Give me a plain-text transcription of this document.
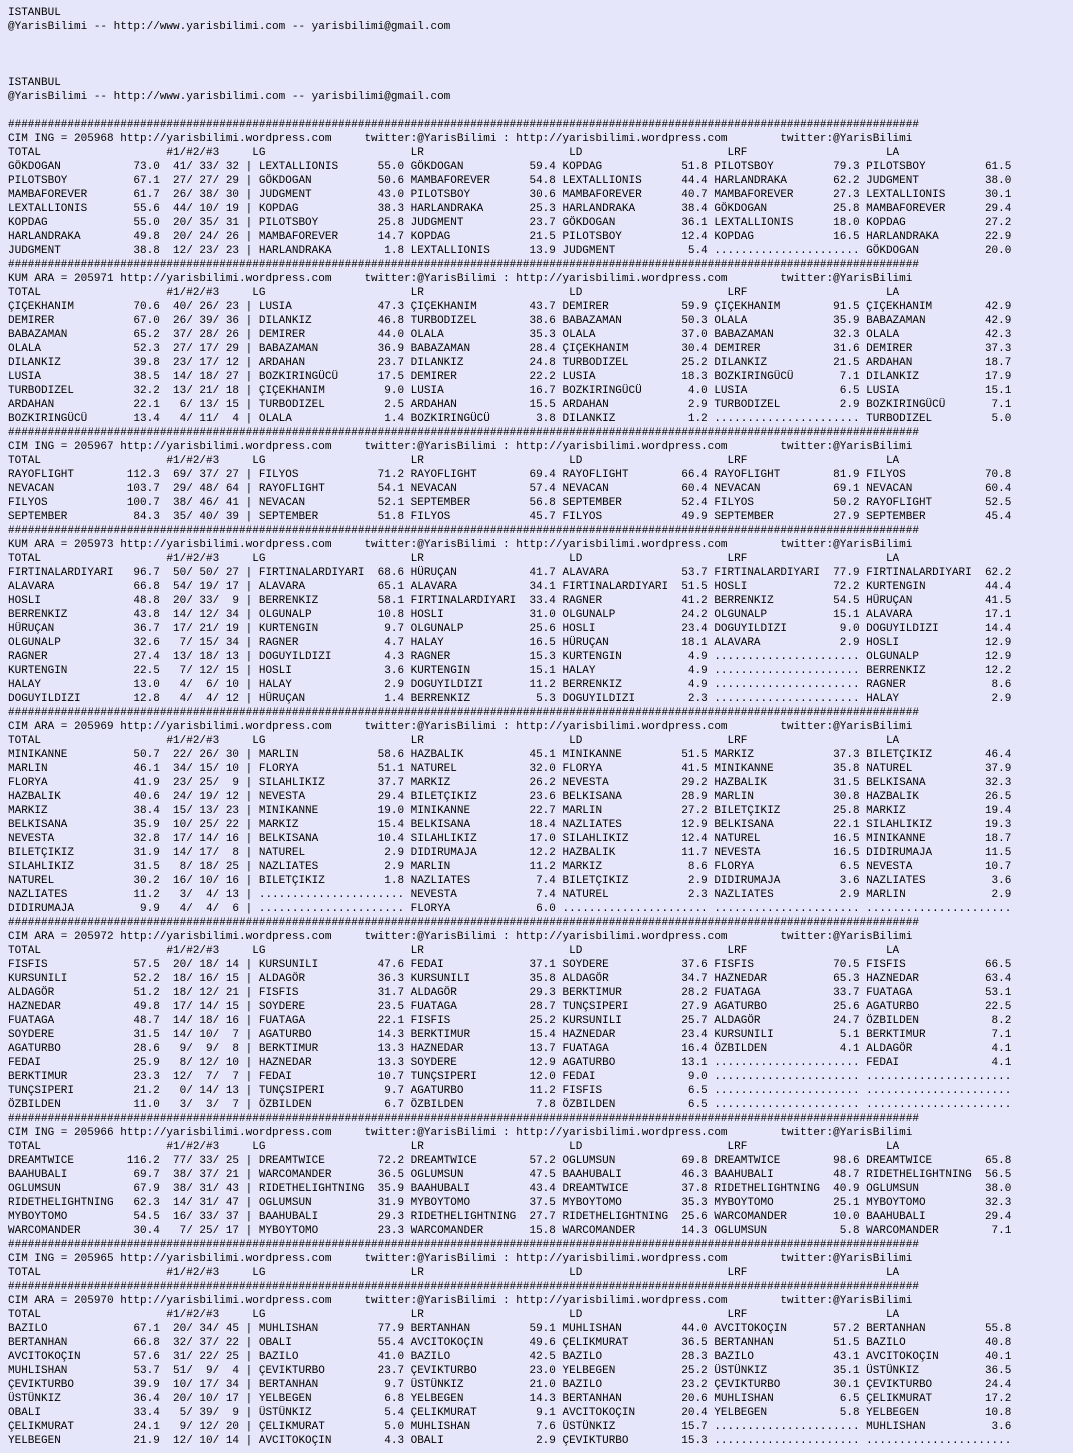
ISTANBUL
@YarisBilimi -- http://www.yarisbilimi.com -- yarisbilimi@gmail.com
ISTANBUL
@YarisBilimi -- http://www.yarisbilimi.com -- yarisbilimi@gmail.com
##########################################################################################################################################
CIM ING = 205968 http://yarisbilimi.wordpress.com     twitter:@YarisBilimi : http://yarisbilimi.wordpress.com        twitter:@YarisBilimi
TOTAL                   #1/#2/#3     LG                      LR                      LD                      LRF                     LA
GÖKDOGAN           73.0  41/ 33/ 32 | LEXTALLIONIS      55.0 GÖKDOGAN          59.4 KOPDAG            51.8 PILOTSBOY         79.3 PILOTSBOY         61.5
PILOTSBOY          67.1  27/ 27/ 29 | GÖKDOGAN          50.6 MAMBAFOREVER      54.8 LEXTALLIONIS      44.4 HARLANDRAKA       62.2 JUDGMENT          38.0
MAMBAFOREVER       61.7  26/ 38/ 30 | JUDGMENT          43.0 PILOTSBOY         30.6 MAMBAFOREVER      40.7 MAMBAFOREVER      27.3 LEXTALLIONIS      30.1
LEXTALLIONIS       55.6  44/ 10/ 19 | KOPDAG            38.3 HARLANDRAKA       25.3 HARLANDRAKA       38.4 GÖKDOGAN          25.8 MAMBAFOREVER      29.4
KOPDAG             55.0  20/ 35/ 31 | PILOTSBOY         25.8 JUDGMENT          23.7 GÖKDOGAN          36.1 LEXTALLIONIS      18.0 KOPDAG            27.2
HARLANDRAKA        49.8  20/ 24/ 26 | MAMBAFOREVER      14.7 KOPDAG            21.5 PILOTSBOY         12.4 KOPDAG            16.5 HARLANDRAKA       22.9
JUDGMENT           38.8  12/ 23/ 23 | HARLANDRAKA        1.8 LEXTALLIONIS      13.9 JUDGMENT           5.4 ...................... GÖKDOGAN          20.0
##########################################################################################################################################
KUM ARA = 205971 http://yarisbilimi.wordpress.com     twitter:@YarisBilimi : http://yarisbilimi.wordpress.com        twitter:@YarisBilimi
TOTAL                   #1/#2/#3     LG                      LR                      LD                      LRF                     LA
ÇIÇEKHANIM         70.6  40/ 26/ 23 | LUSIA             47.3 ÇIÇEKHANIM        43.7 DEMIRER           59.9 ÇIÇEKHANIM        91.5 ÇIÇEKHANIM        42.9
DEMIRER            67.0  26/ 39/ 36 | DILANKIZ          46.8 TURBODIZEL        38.6 BABAZAMAN         50.3 OLALA             35.9 BABAZAMAN         42.9
BABAZAMAN          65.2  37/ 28/ 26 | DEMIRER           44.0 OLALA             35.3 OLALA             37.0 BABAZAMAN         32.3 OLALA             42.3
OLALA              52.3  27/ 17/ 29 | BABAZAMAN         36.9 BABAZAMAN         28.4 ÇIÇEKHANIM        30.4 DEMIRER           31.6 DEMIRER           37.3
DILANKIZ           39.8  23/ 17/ 12 | ARDAHAN           23.7 DILANKIZ          24.8 TURBODIZEL        25.2 DILANKIZ          21.5 ARDAHAN           18.7
LUSIA              38.5  14/ 18/ 27 | BOZKIRINGÜCÜ      17.5 DEMIRER           22.2 LUSIA             18.3 BOZKIRINGÜCÜ       7.1 DILANKIZ          17.9
TURBODIZEL         32.2  13/ 21/ 18 | ÇIÇEKHANIM         9.0 LUSIA             16.7 BOZKIRINGÜCÜ       4.0 LUSIA              6.5 LUSIA             15.1
ARDAHAN            22.1   6/ 13/ 15 | TURBODIZEL         2.5 ARDAHAN           15.5 ARDAHAN            2.9 TURBODIZEL         2.9 BOZKIRINGÜCÜ       7.1
BOZKIRINGÜCÜ       13.4   4/ 11/  4 | OLALA              1.4 BOZKIRINGÜCÜ       3.8 DILANKIZ           1.2 ...................... TURBODIZEL         5.0
##########################################################################################################################################
CIM ING = 205967 http://yarisbilimi.wordpress.com     twitter:@YarisBilimi : http://yarisbilimi.wordpress.com        twitter:@YarisBilimi
TOTAL                   #1/#2/#3     LG                      LR                      LD                      LRF                     LA
RAYOFLIGHT        112.3  69/ 37/ 27 | FILYOS            71.2 RAYOFLIGHT        69.4 RAYOFLIGHT        66.4 RAYOFLIGHT        81.9 FILYOS            70.8
NEVACAN           103.7  29/ 48/ 64 | RAYOFLIGHT        54.1 NEVACAN           57.4 NEVACAN           60.4 NEVACAN           69.1 NEVACAN           60.4
FILYOS            100.7  38/ 46/ 41 | NEVACAN           52.1 SEPTEMBER         56.8 SEPTEMBER         52.4 FILYOS            50.2 RAYOFLIGHT        52.5
SEPTEMBER          84.3  35/ 40/ 39 | SEPTEMBER         51.8 FILYOS            45.7 FILYOS            49.9 SEPTEMBER         27.9 SEPTEMBER         45.4
##########################################################################################################################################
KUM ARA = 205973 http://yarisbilimi.wordpress.com     twitter:@YarisBilimi : http://yarisbilimi.wordpress.com        twitter:@YarisBilimi
TOTAL                   #1/#2/#3     LG                      LR                      LD                      LRF                     LA
FIRTINALARDIYARI   96.7  50/ 50/ 27 | FIRTINALARDIYARI  68.6 HÜRUÇAN           41.7 ALAVARA           53.7 FIRTINALARDIYARI  77.9 FIRTINALARDIYARI  62.2
ALAVARA            66.8  54/ 19/ 17 | ALAVARA           65.1 ALAVARA           34.1 FIRTINALARDIYARI  51.5 HOSLI             72.2 KURTENGIN         44.4
HOSLI              48.8  20/ 33/  9 | BERRENKIZ         58.1 FIRTINALARDIYARI  33.4 RAGNER            41.2 BERRENKIZ         54.5 HÜRUÇAN           41.5
BERRENKIZ          43.8  14/ 12/ 34 | OLGUNALP          10.8 HOSLI             31.0 OLGUNALP          24.2 OLGUNALP          15.1 ALAVARA           17.1
HÜRUÇAN            36.7  17/ 21/ 19 | KURTENGIN          9.7 OLGUNALP          25.6 HOSLI             23.4 DOGUYILDIZI        9.0 DOGUYILDIZI       14.4
OLGUNALP           32.6   7/ 15/ 34 | RAGNER             4.7 HALAY             16.5 HÜRUÇAN           18.1 ALAVARA            2.9 HOSLI             12.9
RAGNER             27.4  13/ 18/ 13 | DOGUYILDIZI        4.3 RAGNER            15.3 KURTENGIN          4.9 ...................... OLGUNALP          12.9
KURTENGIN          22.5   7/ 12/ 15 | HOSLI              3.6 KURTENGIN         15.1 HALAY              4.9 ...................... BERRENKIZ         12.2
HALAY              13.0   4/  6/ 10 | HALAY              2.9 DOGUYILDIZI       11.2 BERRENKIZ          4.9 ...................... RAGNER             8.6
DOGUYILDIZI        12.8   4/  4/ 12 | HÜRUÇAN            1.4 BERRENKIZ          5.3 DOGUYILDIZI        2.3 ...................... HALAY              2.9
##########################################################################################################################################
CIM ARA = 205969 http://yarisbilimi.wordpress.com     twitter:@YarisBilimi : http://yarisbilimi.wordpress.com        twitter:@YarisBilimi
TOTAL                   #1/#2/#3     LG                      LR                      LD                      LRF                     LA
MINIKANNE          50.7  22/ 26/ 30 | MARLIN            58.6 HAZBALIK          45.1 MINIKANNE         51.5 MARKIZ            37.3 BILETÇIKIZ        46.4
MARLIN             46.1  34/ 15/ 10 | FLORYA            51.1 NATUREL           32.0 FLORYA            41.5 MINIKANNE         35.8 NATUREL           37.9
FLORYA             41.9  23/ 25/  9 | SILAHLIKIZ        37.7 MARKIZ            26.2 NEVESTA           29.2 HAZBALIK          31.5 BELKISANA         32.3
HAZBALIK           40.6  24/ 19/ 12 | NEVESTA           29.4 BILETÇIKIZ        23.6 BELKISANA         28.9 MARLIN            30.8 HAZBALIK          26.5
MARKIZ             38.4  15/ 13/ 23 | MINIKANNE         19.0 MINIKANNE         22.7 MARLIN            27.2 BILETÇIKIZ        25.8 MARKIZ            19.4
BELKISANA          35.9  10/ 25/ 22 | MARKIZ            15.4 BELKISANA         18.4 NAZLIATES         12.9 BELKISANA         22.1 SILAHLIKIZ        19.3
NEVESTA            32.8  17/ 14/ 16 | BELKISANA         10.4 SILAHLIKIZ        17.0 SILAHLIKIZ        12.4 NATUREL           16.5 MINIKANNE         18.7
BILETÇIKIZ         31.9  14/ 17/  8 | NATUREL            2.9 DIDIRUMAJA        12.2 HAZBALIK          11.7 NEVESTA           16.5 DIDIRUMAJA        11.5
SILAHLIKIZ         31.5   8/ 18/ 25 | NAZLIATES          2.9 MARLIN            11.2 MARKIZ             8.6 FLORYA             6.5 NEVESTA           10.7
NATUREL            30.2  16/ 10/ 16 | BILETÇIKIZ         1.8 NAZLIATES          7.4 BILETÇIKIZ         2.9 DIDIRUMAJA         3.6 NAZLIATES          3.6
NAZLIATES          11.2   3/  4/ 13 | ...................... NEVESTA            7.4 NATUREL            2.3 NAZLIATES          2.9 MARLIN             2.9
DIDIRUMAJA          9.9   4/  4/  6 | ...................... FLORYA             6.0 ...................... ...................... ......................
##########################################################################################################################################
CIM ARA = 205972 http://yarisbilimi.wordpress.com     twitter:@YarisBilimi : http://yarisbilimi.wordpress.com        twitter:@YarisBilimi
TOTAL                   #1/#2/#3     LG                      LR                      LD                      LRF                     LA
FISFIS             57.5  20/ 18/ 14 | KURSUNILI         47.6 FEDAI             37.1 SOYDERE           37.6 FISFIS            70.5 FISFIS            66.5
KURSUNILI          52.2  18/ 16/ 15 | ALDAGÖR           36.3 KURSUNILI         35.8 ALDAGÖR           34.7 HAZNEDAR          65.3 HAZNEDAR          63.4
ALDAGÖR            51.2  18/ 12/ 21 | FISFIS            31.7 ALDAGÖR           29.3 BERKTIMUR         28.2 FUATAGA           33.7 FUATAGA           53.1
HAZNEDAR           49.8  17/ 14/ 15 | SOYDERE           23.5 FUATAGA           28.7 TUNÇSIPERI        27.9 AGATURBO          25.6 AGATURBO          22.5
FUATAGA            48.7  14/ 18/ 16 | FUATAGA           22.1 FISFIS            25.2 KURSUNILI         25.7 ALDAGÖR           24.7 ÖZBILDEN           8.2
SOYDERE            31.5  14/ 10/  7 | AGATURBO          14.3 BERKTIMUR         15.4 HAZNEDAR          23.4 KURSUNILI          5.1 BERKTIMUR          7.1
AGATURBO           28.6   9/  9/  8 | BERKTIMUR         13.3 HAZNEDAR          13.7 FUATAGA           16.4 ÖZBILDEN           4.1 ALDAGÖR            4.1
FEDAI              25.9   8/ 12/ 10 | HAZNEDAR          13.3 SOYDERE           12.9 AGATURBO          13.1 ...................... FEDAI              4.1
BERKTIMUR          23.3  12/  7/  7 | FEDAI             10.7 TUNÇSIPERI        12.0 FEDAI              9.0 ...................... ......................
TUNÇSIPERI         21.2   0/ 14/ 13 | TUNÇSIPERI         9.7 AGATURBO          11.2 FISFIS             6.5 ...................... ......................
ÖZBILDEN           11.0   3/  3/  7 | ÖZBILDEN           6.7 ÖZBILDEN           7.8 ÖZBILDEN           6.5 ...................... ......................
##########################################################################################################################################
CIM ING = 205966 http://yarisbilimi.wordpress.com     twitter:@YarisBilimi : http://yarisbilimi.wordpress.com        twitter:@YarisBilimi
TOTAL                   #1/#2/#3     LG                      LR                      LD                      LRF                     LA
DREAMTWICE        116.2  77/ 33/ 25 | DREAMTWICE        72.2 DREAMTWICE        57.2 OGLUMSUN          69.8 DREAMTWICE        98.6 DREAMTWICE        65.8
BAAHUBALI          69.7  38/ 37/ 21 | WARCOMANDER       36.5 OGLUMSUN          47.5 BAAHUBALI         46.3 BAAHUBALI         48.7 RIDETHELIGHTNING  56.5
OGLUMSUN           67.9  38/ 31/ 43 | RIDETHELIGHTNING  35.9 BAAHUBALI         43.4 DREAMTWICE        37.8 RIDETHELIGHTNING  40.9 OGLUMSUN          38.0
RIDETHELIGHTNING   62.3  14/ 31/ 47 | OGLUMSUN          31.9 MYBOYTOMO         37.5 MYBOYTOMO         35.3 MYBOYTOMO         25.1 MYBOYTOMO         32.3
MYBOYTOMO          54.5  16/ 33/ 37 | BAAHUBALI         29.3 RIDETHELIGHTNING  27.7 RIDETHELIGHTNING  25.6 WARCOMANDER       10.0 BAAHUBALI         29.4
WARCOMANDER        30.4   7/ 25/ 17 | MYBOYTOMO         23.3 WARCOMANDER       15.8 WARCOMANDER       14.3 OGLUMSUN           5.8 WARCOMANDER        7.1
##########################################################################################################################################
CIM ING = 205965 http://yarisbilimi.wordpress.com     twitter:@YarisBilimi : http://yarisbilimi.wordpress.com        twitter:@YarisBilimi
TOTAL                   #1/#2/#3     LG                      LR                      LD                      LRF                     LA
##########################################################################################################################################
CIM ARA = 205970 http://yarisbilimi.wordpress.com     twitter:@YarisBilimi : http://yarisbilimi.wordpress.com        twitter:@YarisBilimi
TOTAL                   #1/#2/#3     LG                      LR                      LD                      LRF                     LA
BAZILO             67.1  20/ 34/ 45 | MUHLISHAN         77.9 BERTANHAN         59.1 MUHLISHAN         44.0 AVCITOKOÇIN       57.2 BERTANHAN         55.8
BERTANHAN          66.8  32/ 37/ 22 | OBALI             55.4 AVCITOKOÇIN       49.6 ÇELIKMURAT        36.5 BERTANHAN         51.5 BAZILO            40.8
AVCITOKOÇIN        57.6  31/ 22/ 25 | BAZILO            41.0 BAZILO            42.5 BAZILO            28.3 BAZILO            43.1 AVCITOKOÇIN       40.1
MUHLISHAN          53.7  51/  9/  4 | ÇEVIKTURBO        23.7 ÇEVIKTURBO        23.0 YELBEGEN          25.2 ÜSTÜNKIZ          35.1 ÜSTÜNKIZ          36.5
ÇEVIKTURBO         39.9  10/ 17/ 34 | BERTANHAN          9.7 ÜSTÜNKIZ          21.0 BAZILO            23.2 ÇEVIKTURBO        30.1 ÇEVIKTURBO        24.4
ÜSTÜNKIZ           36.4  20/ 10/ 17 | YELBEGEN           6.8 YELBEGEN          14.3 BERTANHAN         20.6 MUHLISHAN          6.5 ÇELIKMURAT        17.2
OBALI              33.4   5/ 39/  9 | ÜSTÜNKIZ           5.4 ÇELIKMURAT         9.1 AVCITOKOÇIN       20.4 YELBEGEN           5.8 YELBEGEN          10.8
ÇELIKMURAT         24.1   9/ 12/ 20 | ÇELIKMURAT         5.0 MUHLISHAN          7.6 ÜSTÜNKIZ          15.7 ...................... MUHLISHAN          3.6
YELBEGEN           21.9  12/ 10/ 14 | AVCITOKOÇIN        4.3 OBALI              2.9 ÇEVIKTURBO        15.3 ...................... ......................
